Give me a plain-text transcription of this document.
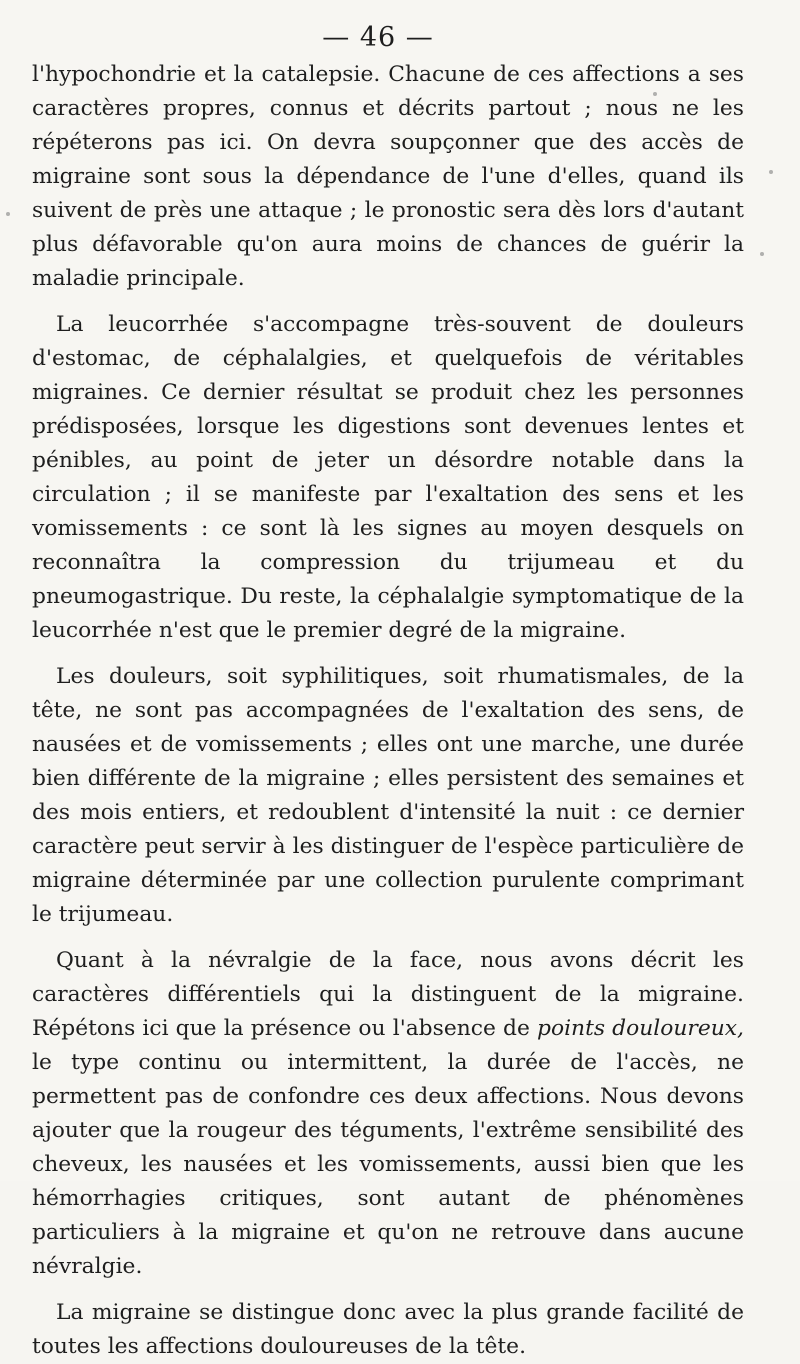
— 46 —

l'hypochondrie et la catalepsie. Chacune de ces affections a ses caractères propres, connus et décrits partout ; nous ne les répéterons pas ici. On devra soupçonner que des accès de migraine sont sous la dépendance de l'une d'elles, quand ils suivent de près une attaque ; le pronostic sera dès lors d'autant plus défavorable qu'on aura moins de chances de guérir la maladie principale.

La leucorrhée s'accompagne très-souvent de douleurs d'estomac, de céphalalgies, et quelquefois de véritables migraines. Ce dernier résultat se produit chez les personnes prédisposées, lorsque les digestions sont devenues lentes et pénibles, au point de jeter un désordre notable dans la circulation ; il se manifeste par l'exaltation des sens et les vomissements : ce sont là les signes au moyen desquels on reconnaîtra la compression du trijumeau et du pneumogastrique. Du reste, la céphalalgie symptomatique de la leucorrhée n'est que le premier degré de la migraine.

Les douleurs, soit syphilitiques, soit rhumatismales, de la tête, ne sont pas accompagnées de l'exaltation des sens, de nausées et de vomissements ; elles ont une marche, une durée bien différente de la migraine ; elles persistent des semaines et des mois entiers, et redoublent d'intensité la nuit : ce dernier caractère peut servir à les distinguer de l'espèce particulière de migraine déterminée par une collection purulente comprimant le trijumeau.

Quant à la névralgie de la face, nous avons décrit les caractères différentiels qui la distinguent de la migraine. Répétons ici que la présence ou l'absence de points douloureux, le type continu ou intermittent, la durée de l'accès, ne permettent pas de confondre ces deux affections. Nous devons ajouter que la rougeur des téguments, l'extrême sensibilité des cheveux, les nausées et les vomissements, aussi bien que les hémorrhagies critiques, sont autant de phénomènes particuliers à la migraine et qu'on ne retrouve dans aucune névralgie.

La migraine se distingue donc avec la plus grande facilité de toutes les affections douloureuses de la tête.
